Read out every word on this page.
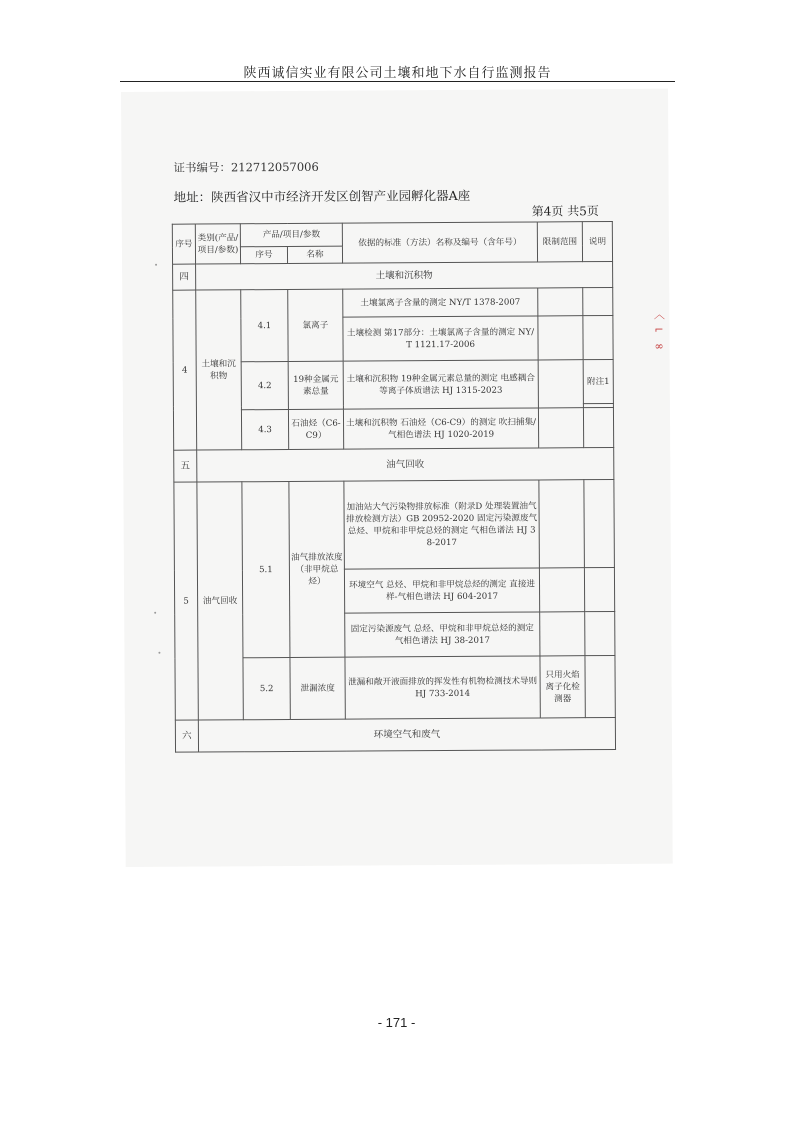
陕西诚信实业有限公司土壤和地下水自行监测报告
证书编号：212712057006
地址：陕西省汉中市经济开发区创智产业园孵化器A座
第4页 共5页
序号	类别(产品/项目/参数)	产品/项目/参数		依据的标准（方法）名称及编号（含年号）	限制范围	说明
		序号	名称			
四	土壤和沉积物					
4	土壤和沉积物	4.1	氯离子	土壤氯离子含量的测定 NY/T 1378-2007		
				土壤检测 第17部分：土壤氯离子含量的测定 NY/T 1121.17-2006		
		4.2	19种金属元素总量	土壤和沉积物 19种金属元素总量的测定 电感耦合等离子体质谱法 HJ 1315-2023		附注1

		4.3	石油烃（C6-C9）	土壤和沉积物 石油烃（C6-C9）的测定 吹扫捕集/气相色谱法 HJ 1020-2019		
五	油气回收					
5	油气回收	5.1	油气排放浓度（非甲烷总烃）	加油站大气污染物排放标准（附录D 处理装置油气排放检测方法）GB 20952-2020 固定污染源废气 总烃、甲烷和非甲烷总烃的测定 气相色谱法 HJ 38-2017		
				环境空气 总烃、甲烷和非甲烷总烃的测定 直接进样-气相色谱法 HJ 604-2017		
				固定污染源废气 总烃、甲烷和非甲烷总烃的测定 气相色谱法 HJ 38-2017		
		5.2	泄漏浓度	泄漏和敞开液面排放的挥发性有机物检测技术导则 HJ 733-2014	只用火焰离子化检测器	
六	环境空气和废气					
〈 ⌐ ∞
- 171 -
